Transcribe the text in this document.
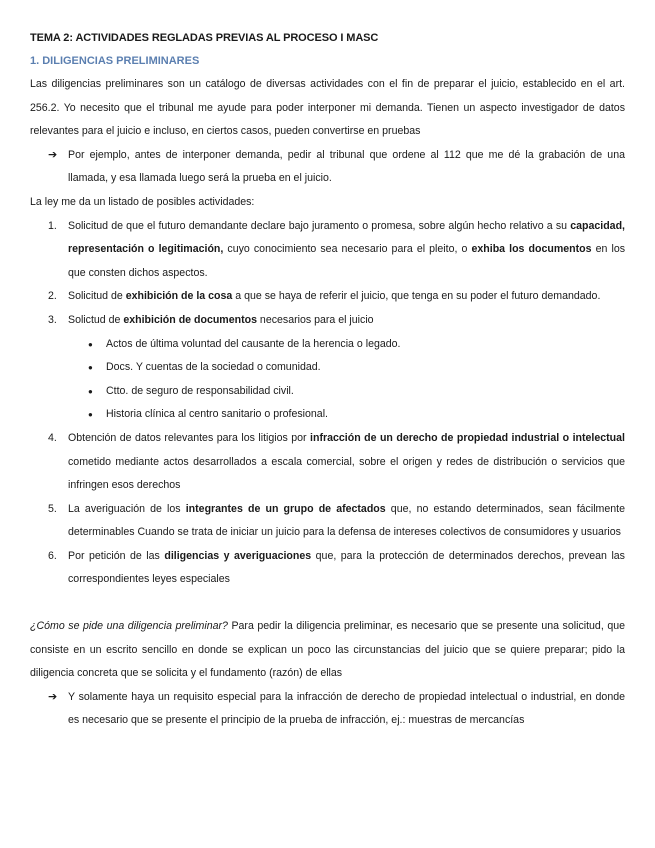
TEMA 2: ACTIVIDADES REGLADAS PREVIAS AL PROCESO I MASC
1. DILIGENCIAS PRELIMINARES

Las diligencias preliminares son un catálogo de diversas actividades con el fin de preparar el juicio, establecido en el art. 256.2. Yo necesito que el tribunal me ayude para poder interponer mi demanda. Tienen un aspecto investigador de datos relevantes para el juicio e incluso, en ciertos casos, pueden convertirse en pruebas

➔	Por ejemplo, antes de interponer demanda, pedir al tribunal que ordene al 112 que me dé la grabación de una llamada, y esa llamada luego será la prueba en el juicio.

La ley me da un listado de posibles actividades:

1.	Solicitud de que el futuro demandante declare bajo juramento o promesa, sobre algún hecho relativo a su capacidad, representación o legitimación, cuyo conocimiento sea necesario para el pleito, o exhiba los documentos en los que consten dichos aspectos.
2.	Solicitud de exhibición de la cosa a que se haya de referir el juicio, que tenga en su poder el futuro demandado.
3.	Solictud de exhibición de documentos necesarios para el juicio
●	Actos de última voluntad del causante de la herencia o legado.
●	Docs. Y cuentas de la sociedad o comunidad.
●	Ctto. de seguro de responsabilidad civil.
●	Historia clínica al centro sanitario o profesional.
4.	Obtención de datos relevantes para los litigios por infracción de un derecho de propiedad industrial o intelectual cometido mediante actos desarrollados a escala comercial, sobre el origen y redes de distribución o servicios que infringen esos derechos
5.	La averiguación de los integrantes de un grupo de afectados que, no estando determinados, sean fácilmente determinables Cuando se trata de iniciar un juicio para la defensa de intereses colectivos de consumidores y usuarios
6.	Por petición de las diligencias y averiguaciones que, para la protección de determinados derechos, prevean las correspondientes leyes especiales

¿Cómo se pide una diligencia preliminar? Para pedir la diligencia preliminar, es necesario que se presente una solicitud, que consiste en un escrito sencillo en donde se explican un poco las circunstancias del juicio que se quiere preparar; pido la diligencia concreta que se solicita y el fundamento (razón) de ellas

➔	Y solamente haya un requisito especial para la infracción de derecho de propiedad intelectual o industrial, en donde es necesario que se presente el principio de la prueba de infracción, ej.: muestras de mercancías
